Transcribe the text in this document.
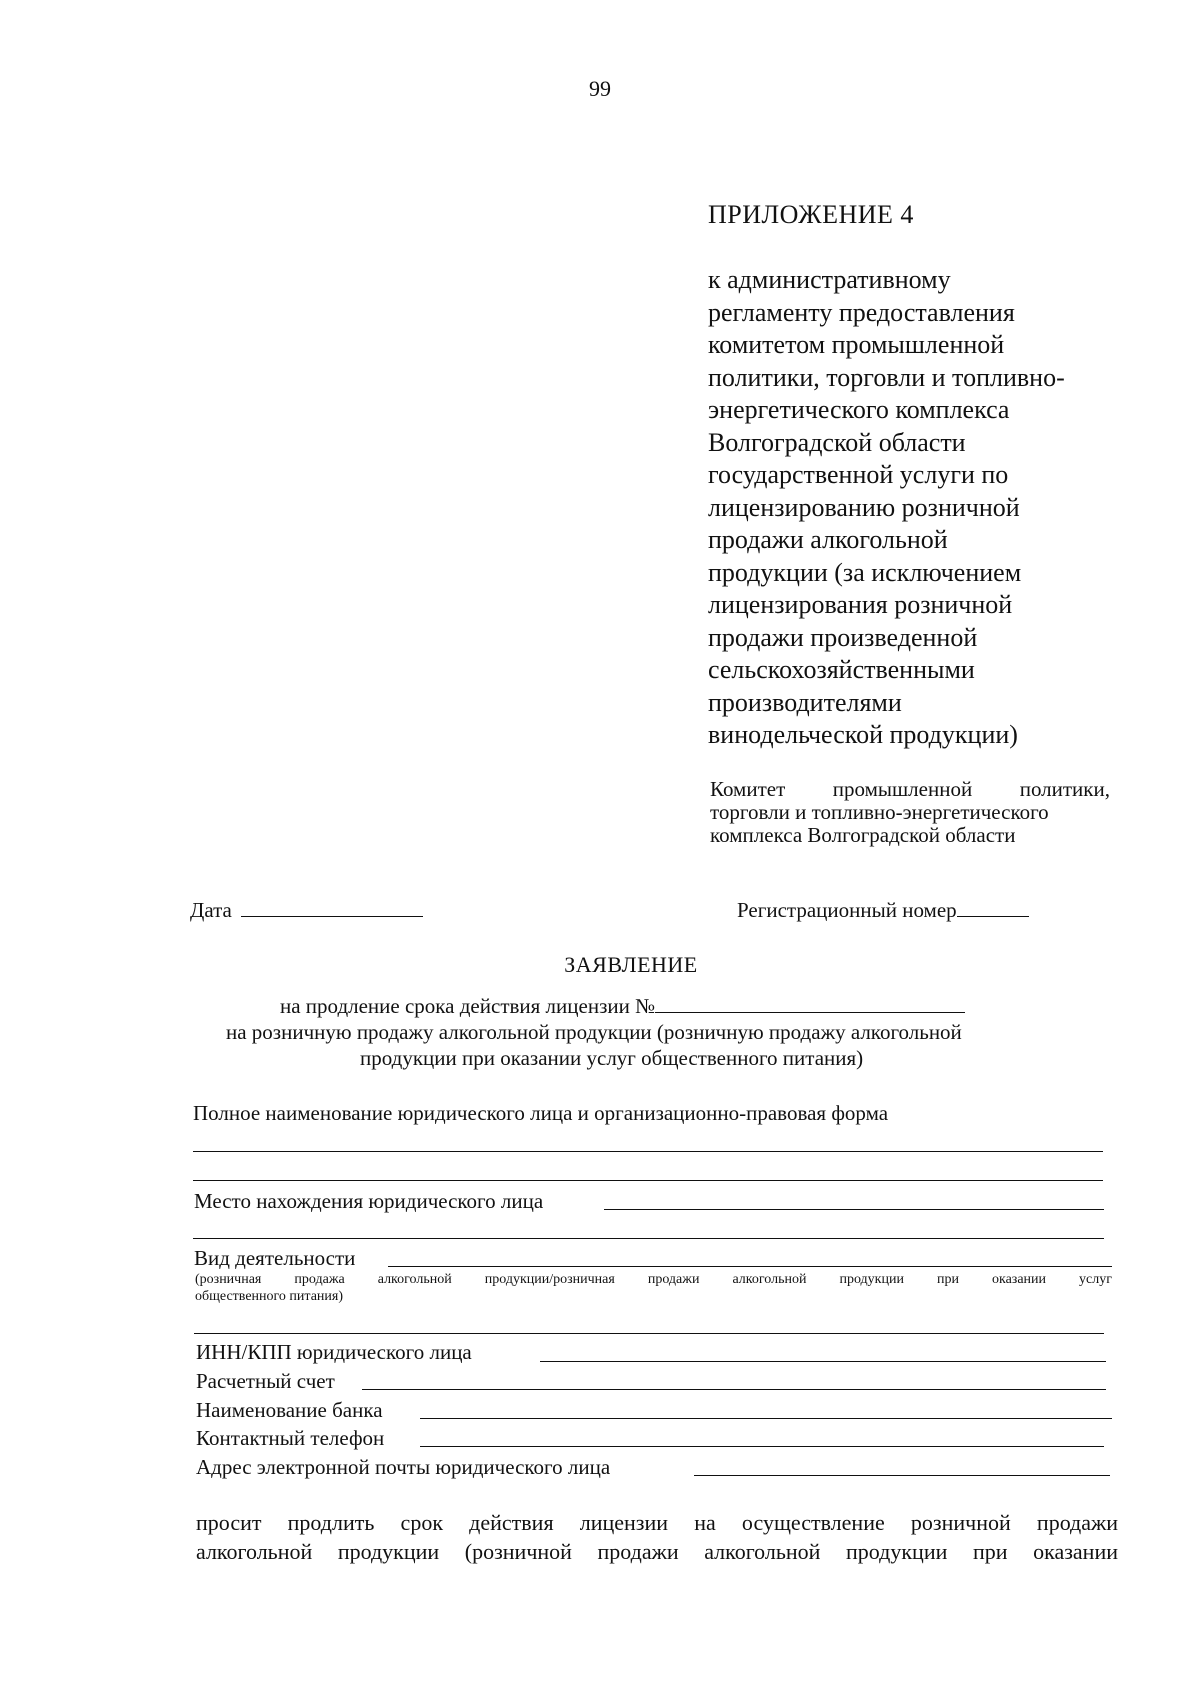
99
ПРИЛОЖЕНИЕ 4
к административному
регламенту предоставления
комитетом промышленной
политики, торговли и топливно-
энергетического комплекса
Волгоградской области
государственной услуги по
лицензированию розничной
продажи алкогольной
продукции (за исключением
лицензирования розничной
продажи произведенной
сельскохозяйственными
производителями
винодельческой продукции)
Комитет промышленной политики,
торговли и топливно-энергетического
комплекса Волгоградской области
Дата	Регистрационный номер
ЗАЯВЛЕНИЕ
на продление срока действия лицензии №
на розничную продажу алкогольной продукции (розничную продажу алкогольной
продукции при оказании услуг общественного питания)
Полное наименование юридического лица и организационно-правовая форма
Место нахождения юридического лица
Вид деятельности
(розничная продажа алкогольной продукции/розничная продажи алкогольной продукции при оказании услуг
общественного питания)
ИНН/КПП юридического лица
Расчетный счет
Наименование банка
Контактный телефон
Адрес электронной почты юридического лица
просит продлить срок действия лицензии на осуществление розничной продажи
алкогольной продукции (розничной продажи алкогольной продукции при оказании
